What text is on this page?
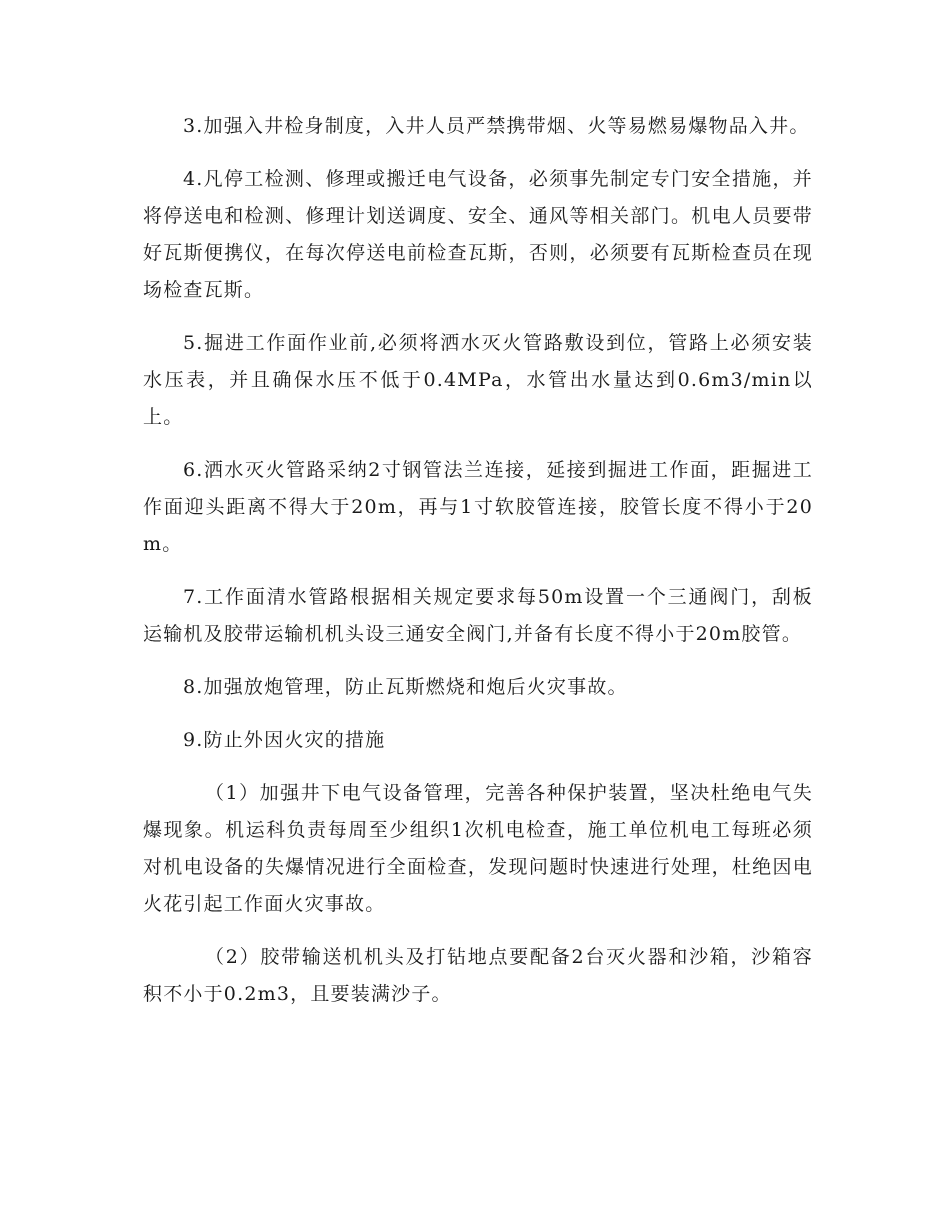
3.加强入井检身制度，入井人员严禁携带烟、火等易燃易爆物品入井。

4.凡停工检测、修理或搬迁电气设备，必须事先制定专门安全措施，并将停送电和检测、修理计划送调度、安全、通风等相关部门。机电人员要带好瓦斯便携仪，在每次停送电前检查瓦斯，否则，必须要有瓦斯检查员在现场检查瓦斯。

5.掘进工作面作业前,必须将洒水灭火管路敷设到位，管路上必须安装水压表，并且确保水压不低于0.4MPa，水管出水量达到0.6m3/min以上。

6.洒水灭火管路采纳2寸钢管法兰连接，延接到掘进工作面，距掘进工作面迎头距离不得大于20m，再与1寸软胶管连接，胶管长度不得小于20m。

7.工作面清水管路根据相关规定要求每50m设置一个三通阀门，刮板运输机及胶带运输机机头设三通安全阀门,并备有长度不得小于20m胶管。

8.加强放炮管理，防止瓦斯燃烧和炮后火灾事故。

9.防止外因火灾的措施

（1）加强井下电气设备管理，完善各种保护装置，坚决杜绝电气失爆现象。机运科负责每周至少组织1次机电检查，施工单位机电工每班必须对机电设备的失爆情况进行全面检查，发现问题时快速进行处理，杜绝因电火花引起工作面火灾事故。

（2）胶带输送机机头及打钻地点要配备2台灭火器和沙箱，沙箱容积不小于0.2m3，且要装满沙子。
